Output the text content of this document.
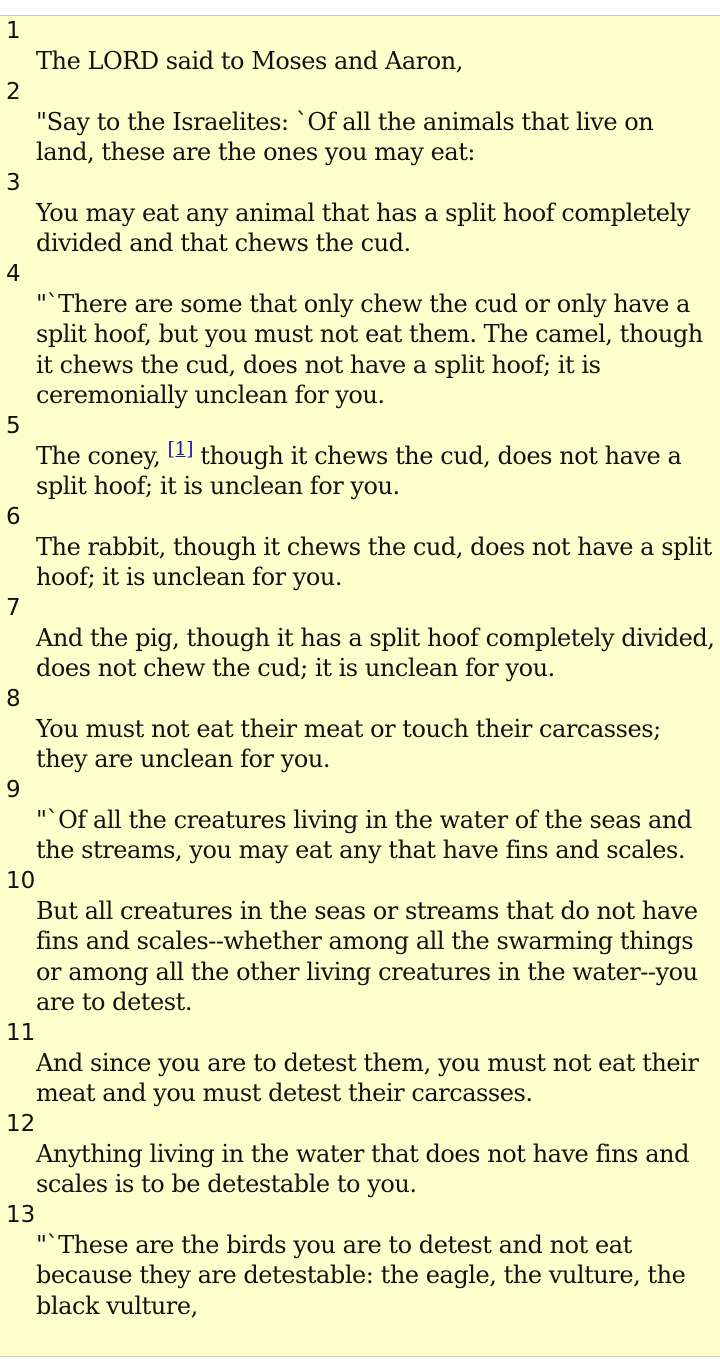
1
The LORD said to Moses and Aaron,
2
"Say to the Israelites: `Of all the animals that live on land, these are the ones you may eat:
3
You may eat any animal that has a split hoof completely divided and that chews the cud.
4
"`There are some that only chew the cud or only have a split hoof, but you must not eat them. The camel, though it chews the cud, does not have a split hoof; it is ceremonially unclean for you.
5
The coney, [1] though it chews the cud, does not have a split hoof; it is unclean for you.
6
The rabbit, though it chews the cud, does not have a split hoof; it is unclean for you.
7
And the pig, though it has a split hoof completely divided, does not chew the cud; it is unclean for you.
8
You must not eat their meat or touch their carcasses; they are unclean for you.
9
"`Of all the creatures living in the water of the seas and the streams, you may eat any that have fins and scales.
10
But all creatures in the seas or streams that do not have fins and scales--whether among all the swarming things or among all the other living creatures in the water--you are to detest.
11
And since you are to detest them, you must not eat their meat and you must detest their carcasses.
12
Anything living in the water that does not have fins and scales is to be detestable to you.
13
"`These are the birds you are to detest and not eat because they are detestable: the eagle, the vulture, the black vulture,
